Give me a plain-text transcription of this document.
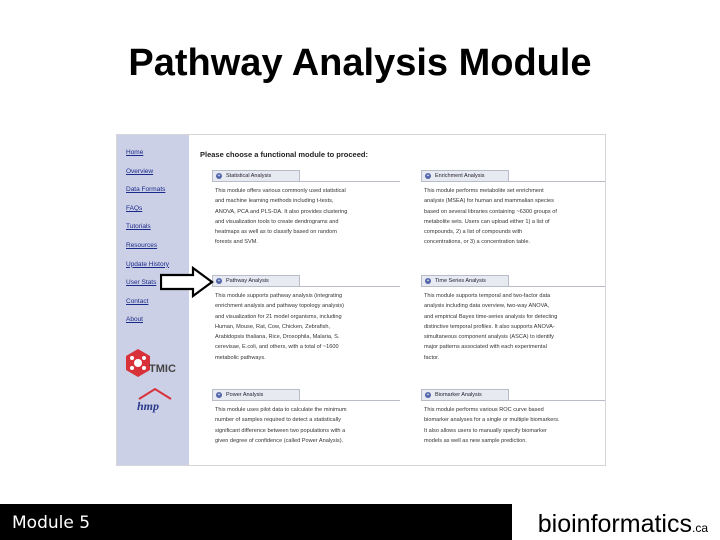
Pathway Analysis Module
Home
Overview
Data Formats
FAQs
Tutorials
Resources
Update History
User Stats
Contact
About
TMIC
hmp
Please choose a functional module to proceed:
+ Statistical Analysis
This module offers various commonly used statistical
and machine learning methods including t-tests,
ANOVA, PCA and PLS-DA. It also provides clustering
and visualization tools to create dendrograms and
heatmaps as well as to classify based on random
forests and SVM.
+ Enrichment Analysis
This module performs metabolite set enrichment
analysis (MSEA) for human and mammalian species
based on several libraries containing ~6300 groups of
metabolite sets. Users can upload either 1) a list of
compounds, 2) a list of compounds with
concentrations, or 3) a concentration table.
+ Pathway Analysis
This module supports pathway analysis (integrating
enrichment analysis and pathway topology analysis)
and visualization for 21 model organisms, including
Human, Mouse, Rat, Cow, Chicken, Zebrafish,
Arabidopsis thaliana, Rice, Drosophila, Malaria, S.
cerevisae, E.coli, and others, with a total of ~1600
metabolic pathways.
+ Time Series Analysis
This module supports temporal and two-factor data
analysis including data overview, two-way ANOVA,
and empirical Bayes time-series analysis for detecting
distinctive temporal profiles. It also supports ANOVA-
simultaneous component analysis (ASCA) to identify
major patterns associated with each experimental
factor.
+ Power Analysis
This module uses pilot data to calculate the minimum
number of samples required to detect a statistically
significant difference between two populations with a
given degree of confidence (called Power Analysis).
+ Biomarker Analysis
This module performs various ROC curve based
biomarker analyses for a single or multiple biomarkers.
It also allows users to manually specify biomarker
models as well as new sample prediction.
Module 5	bioinformatics.ca
